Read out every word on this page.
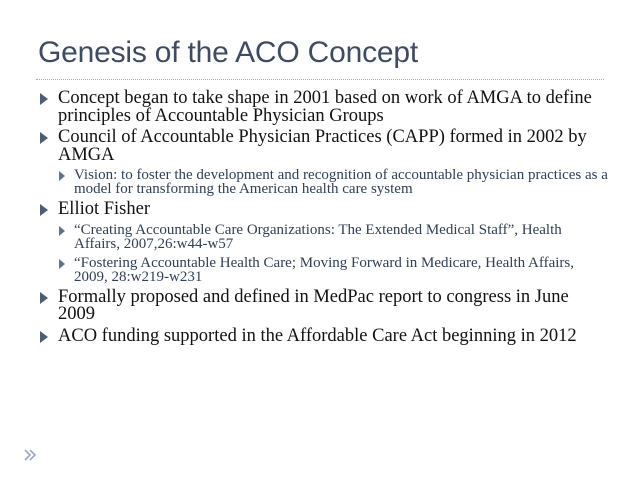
Genesis of the ACO Concept
Concept began to take shape in 2001 based on work of AMGA to define principles of Accountable Physician Groups
Council of Accountable Physician Practices (CAPP) formed in 2002 by AMGA
Vision: to foster the development and recognition of accountable physician practices as a model for transforming the American health care system
Elliot Fisher
“Creating Accountable Care Organizations: The Extended Medical Staff”, Health Affairs, 2007,26:w44-w57
“Fostering Accountable Health Care; Moving Forward in Medicare, Health Affairs, 2009, 28:w219-w231
Formally proposed and defined in MedPac report to congress in June 2009
ACO funding supported in the Affordable Care Act beginning in 2012
